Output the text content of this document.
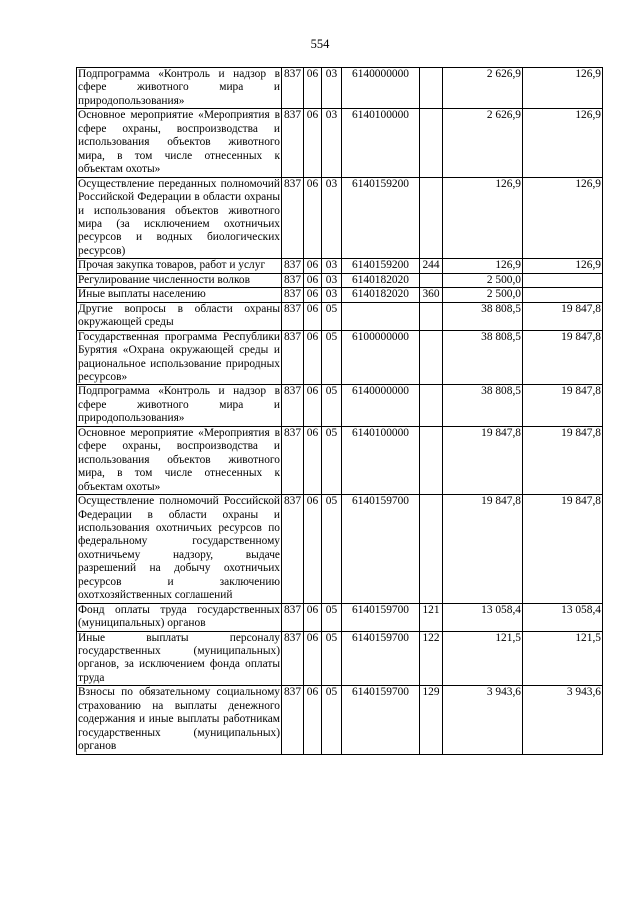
554
Подпрограмма «Контроль и надзор в сфере животного мира и природопользования»	837	06	03	6140000000		2 626,9	126,9
Основное мероприятие «Мероприятия в сфере охраны, воспроизводства и использования объектов животного мира, в том числе отнесенных к объектам охоты»	837	06	03	6140100000		2 626,9	126,9
Осуществление переданных полномочий Российской Федерации в области охраны и использования объектов животного мира (за исключением охотничьих ресурсов и водных биологических ресурсов)	837	06	03	6140159200		126,9	126,9
Прочая закупка товаров, работ и услуг	837	06	03	6140159200	244	126,9	126,9
Регулирование численности волков	837	06	03	6140182020		2 500,0	
Иные выплаты населению	837	06	03	6140182020	360	2 500,0	
Другие вопросы в области охраны окружающей среды	837	06	05			38 808,5	19 847,8
Государственная программа Республики Бурятия «Охрана окружающей среды и рациональное использование природных ресурсов»	837	06	05	6100000000		38 808,5	19 847,8
Подпрограмма «Контроль и надзор в сфере животного мира и природопользования»	837	06	05	6140000000		38 808,5	19 847,8
Основное мероприятие «Мероприятия в сфере охраны, воспроизводства и использования объектов животного мира, в том числе отнесенных к объектам охоты»	837	06	05	6140100000		19 847,8	19 847,8
Осуществление полномочий Российской Федерации в области охраны и использования охотничьих ресурсов по федеральному государственному охотничьему надзору, выдаче разрешений на добычу охотничьих ресурсов и заключению охотхозяйственных соглашений	837	06	05	6140159700		19 847,8	19 847,8
Фонд оплаты труда государственных (муниципальных) органов	837	06	05	6140159700	121	13 058,4	13 058,4
Иные выплаты персоналу государственных (муниципальных) органов, за исключением фонда оплаты труда	837	06	05	6140159700	122	121,5	121,5
Взносы по обязательному социальному страхованию на выплаты денежного содержания и иные выплаты работникам государственных (муниципальных) органов	837	06	05	6140159700	129	3 943,6	3 943,6
